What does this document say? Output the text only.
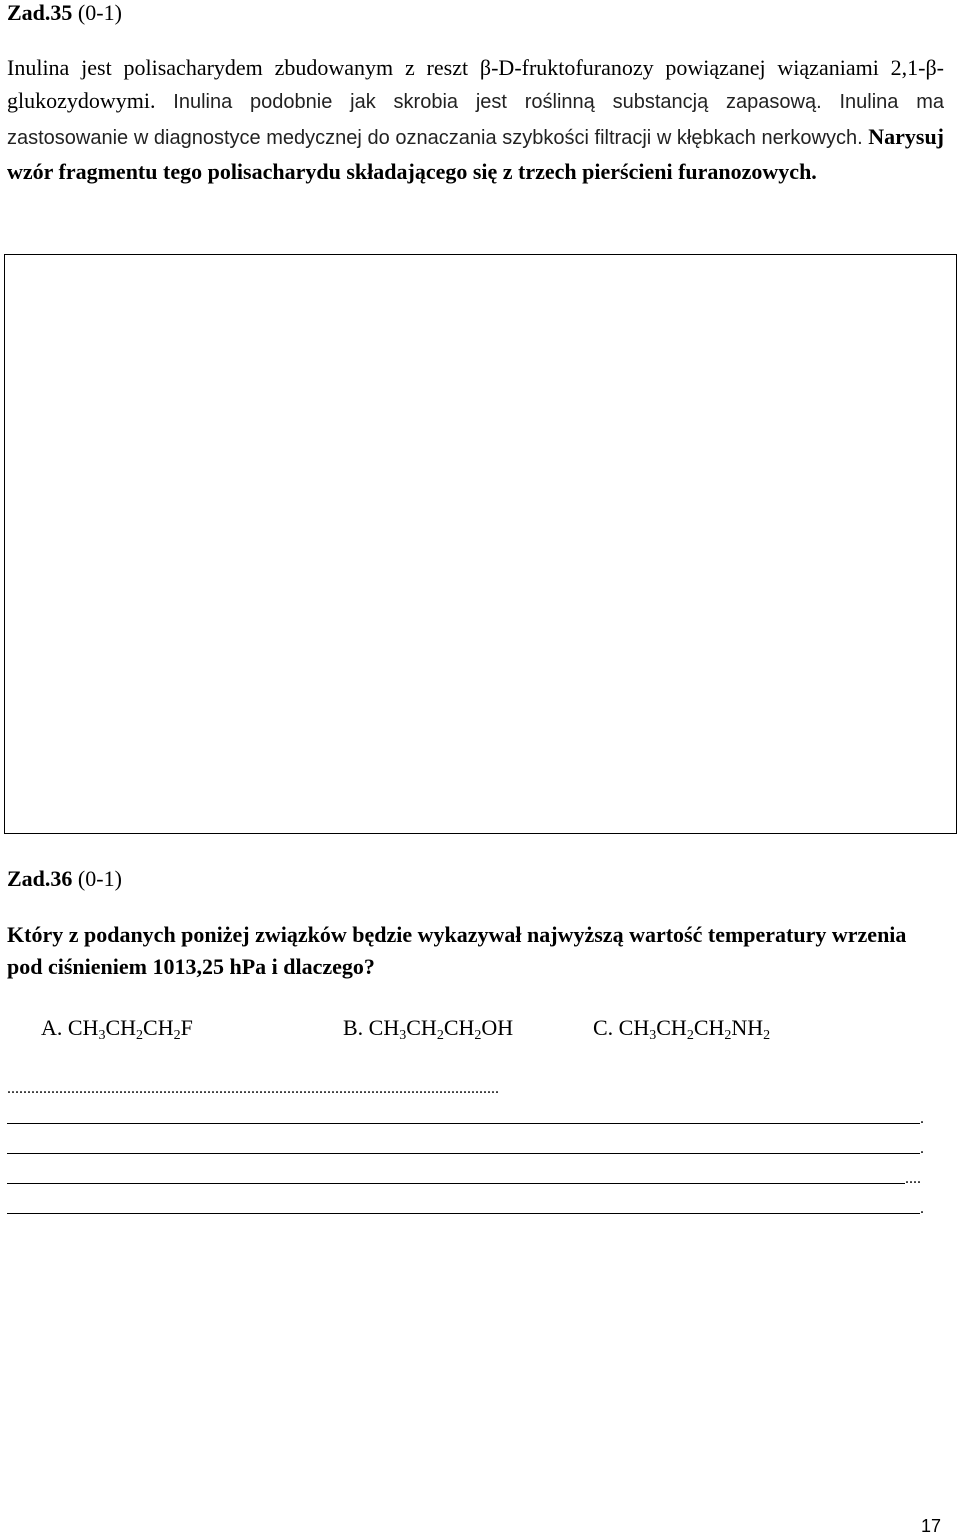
Zad.35 (0-1)
Inulina jest polisacharydem zbudowanym z reszt β-D-fruktofuranozy powiązanej wiązaniami 2,1-β-glukozydowymi. Inulina podobnie jak skrobia jest roślinną substancją zapasową. Inulina ma zastosowanie w diagnostyce medycznej do oznaczania szybkości filtracji w kłębkach nerkowych. Narysuj wzór fragmentu tego polisacharydu składającego się z trzech pierścieni furanozowych.
Zad.36 (0-1)
Który z podanych poniżej związków będzie wykazywał najwyższą wartość temperatury wrzenia pod ciśnieniem 1013,25 hPa i dlaczego?
A. $CH_3CH_2CH_2F$	B. $CH_3CH_2CH_2OH$	C. $CH_3CH_2CH_2NH_2$
...........................................................................................................................
.
.
....
.
17
